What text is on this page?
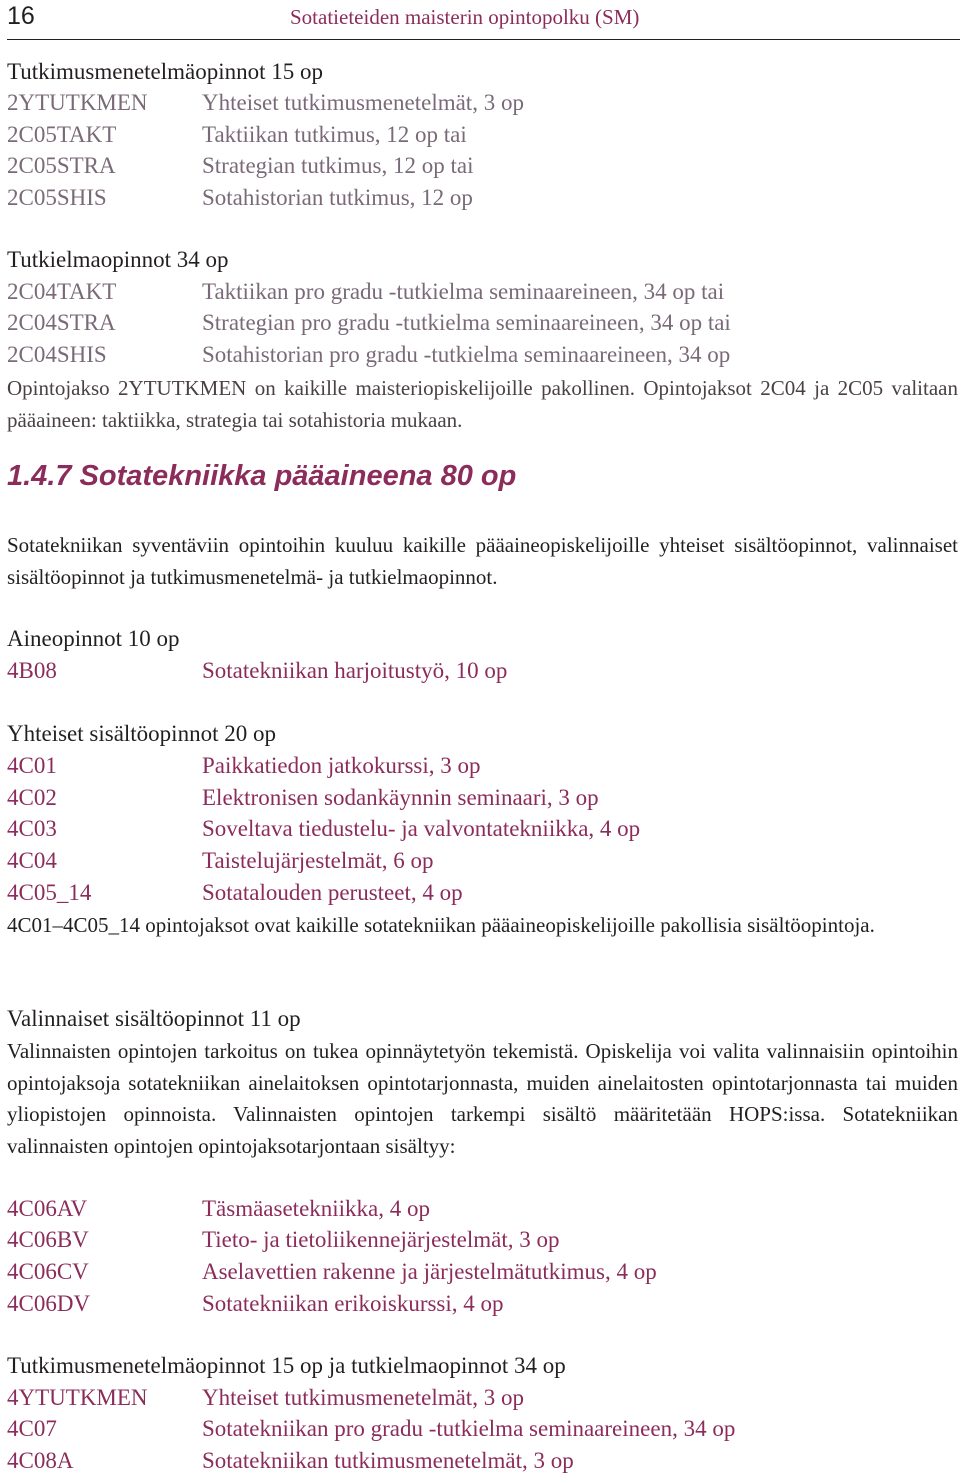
16	Sotatieteiden maisterin opintopolku (SM)
Tutkimusmenetelmäopinnot 15 op
2YTUTKMEN Yhteiset tutkimusmenetelmät, 3 op
2C05TAKT	Taktiikan tutkimus, 12 op tai
2C05STRA	Strategian tutkimus, 12 op tai
2C05SHIS	Sotahistorian tutkimus, 12 op
Tutkielmaopinnot 34 op
2C04TAKT	Taktiikan pro gradu -tutkielma seminaareineen, 34 op tai
2C04STRA	Strategian pro gradu -tutkielma seminaareineen, 34 op tai
2C04SHIS	Sotahistorian pro gradu -tutkielma seminaareineen, 34 op
Opintojakso 2YTUTKMEN on kaikille maisteriopiskelijoille pakollinen. Opintojaksot 2C04 ja 2C05 valitaan pääaineen: taktiikka, strategia tai sotahistoria mukaan.
1.4.7 Sotatekniikka pääaineena 80 op
Sotatekniikan syventäviin opintoihin kuuluu kaikille pääaineopiskelijoille yhteiset sisältöopinnot, valinnaiset sisältöopinnot ja tutkimusmenetelmä- ja tutkielmaopinnot.
Aineopinnot 10 op
4B08	Sotatekniikan harjoitustyö, 10 op
Yhteiset sisältöopinnot 20 op
4C01	Paikkatiedon jatkokurssi, 3 op
4C02	Elektronisen sodankäynnin seminaari, 3 op
4C03	Soveltava tiedustelu- ja valvontatekniikka, 4 op
4C04	Taistelujärjestelmät, 6 op
4C05_14	Sotatalouden perusteet, 4 op
4C01–4C05_14 opintojaksot ovat kaikille sotatekniikan pääaineopiskelijoille pakollisia sisältöopintoja.
Valinnaiset sisältöopinnot 11 op
Valinnaisten opintojen tarkoitus on tukea opinnäytetyön tekemistä. Opiskelija voi valita valinnaisiin opintoihin opintojaksoja sotatekniikan ainelaitoksen opintotarjonnasta, muiden ainelaitosten opintotarjonnasta tai muiden yliopistojen opinnoista. Valinnaisten opintojen tarkempi sisältö määritetään HOPS:issa. Sotatekniikan valinnaisten opintojen opintojaksotarjontaan sisältyy:
4C06AV	Täsmäasetekniikka, 4 op
4C06BV	Tieto- ja tietoliikennejärjestelmät, 3 op
4C06CV	Aselavettien rakenne ja järjestelmätutkimus, 4 op
4C06DV	Sotatekniikan erikoiskurssi, 4 op
Tutkimusmenetelmäopinnot 15 op ja tutkielmaopinnot 34 op
4YTUTKMEN Yhteiset tutkimusmenetelmät, 3 op
4C07	Sotatekniikan pro gradu -tutkielma seminaareineen, 34 op
4C08A	Sotatekniikan tutkimusmenetelmät, 3 op
